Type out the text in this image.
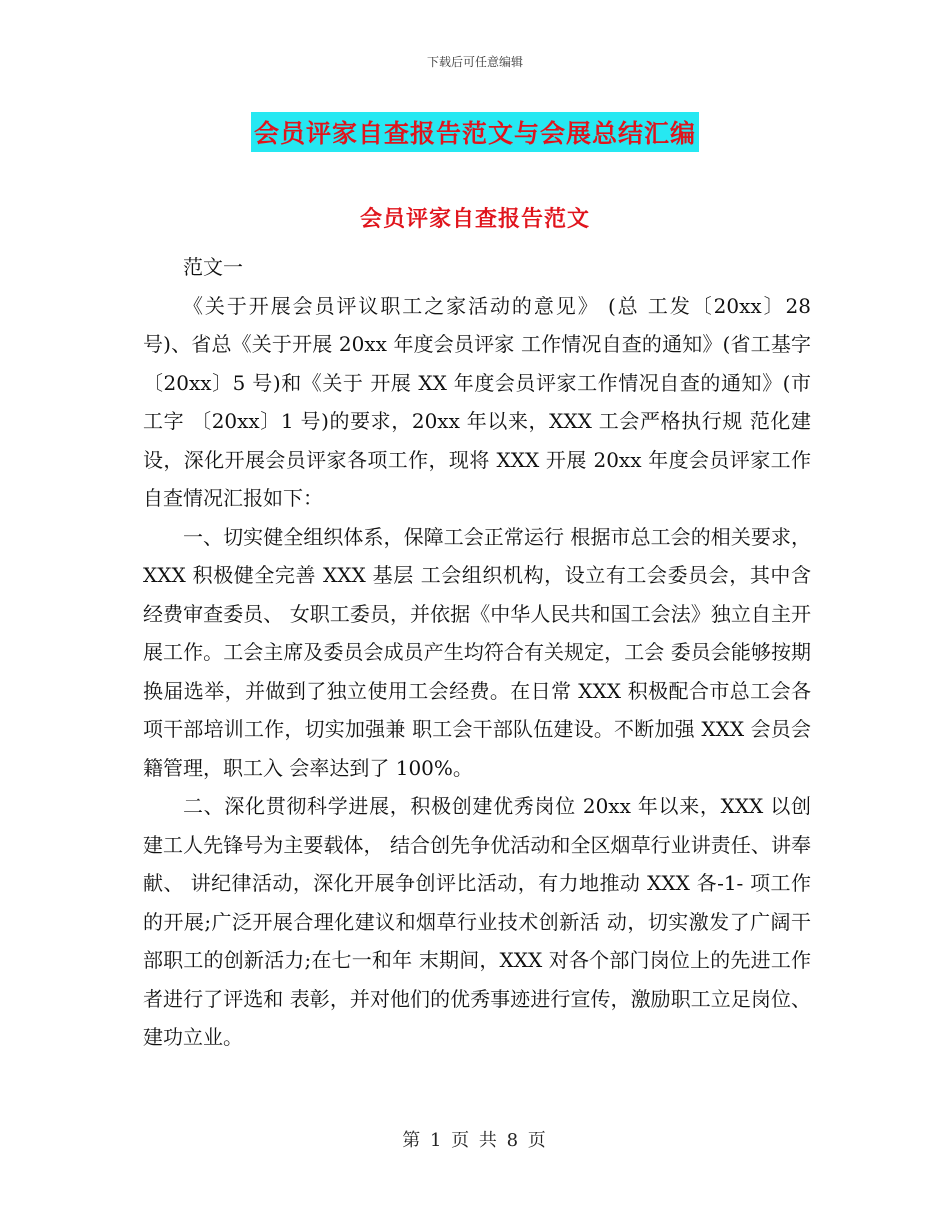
下载后可任意编辑
会员评家自查报告范文与会展总结汇编
会员评家自查报告范文

范文一

《关于开展会员评议职工之家活动的意见》 (总 工发〔20xx〕28 号)、省总《关于开展 20xx 年度会员评家 工作情况自查的通知》(省工基字〔20xx〕5 号)和《关于 开展 XX 年度会员评家工作情况自查的通知》(市工字 〔20xx〕1 号)的要求，20xx 年以来，XXX 工会严格执行规 范化建设，深化开展会员评家各项工作，现将 XXX 开展 20xx 年度会员评家工作自查情况汇报如下：

一、切实健全组织体系，保障工会正常运行 根据市总工会的相关要求，XXX 积极健全完善 XXX 基层 工会组织机构，设立有工会委员会，其中含经费审查委员、 女职工委员，并依据《中华人民共和国工会法》独立自主开 展工作。工会主席及委员会成员产生均符合有关规定，工会 委员会能够按期换届选举，并做到了独立使用工会经费。在日常 XXX 积极配合市总工会各项干部培训工作，切实加强兼 职工会干部队伍建设。不断加强 XXX 会员会籍管理，职工入 会率达到了 100%。

二、深化贯彻科学进展，积极创建优秀岗位 20xx 年以来，XXX 以创建工人先锋号为主要载体， 结合创先争优活动和全区烟草行业讲责任、讲奉献、 讲纪律活动，深化开展争创评比活动，有力地推动 XXX 各-1- 项工作的开展;广泛开展合理化建议和烟草行业技术创新活 动，切实激发了广阔干部职工的创新活力;在七一和年 末期间，XXX 对各个部门岗位上的先进工作者进行了评选和 表彰，并对他们的优秀事迹进行宣传，激励职工立足岗位、 建功立业。

第 1 页 共 8 页
